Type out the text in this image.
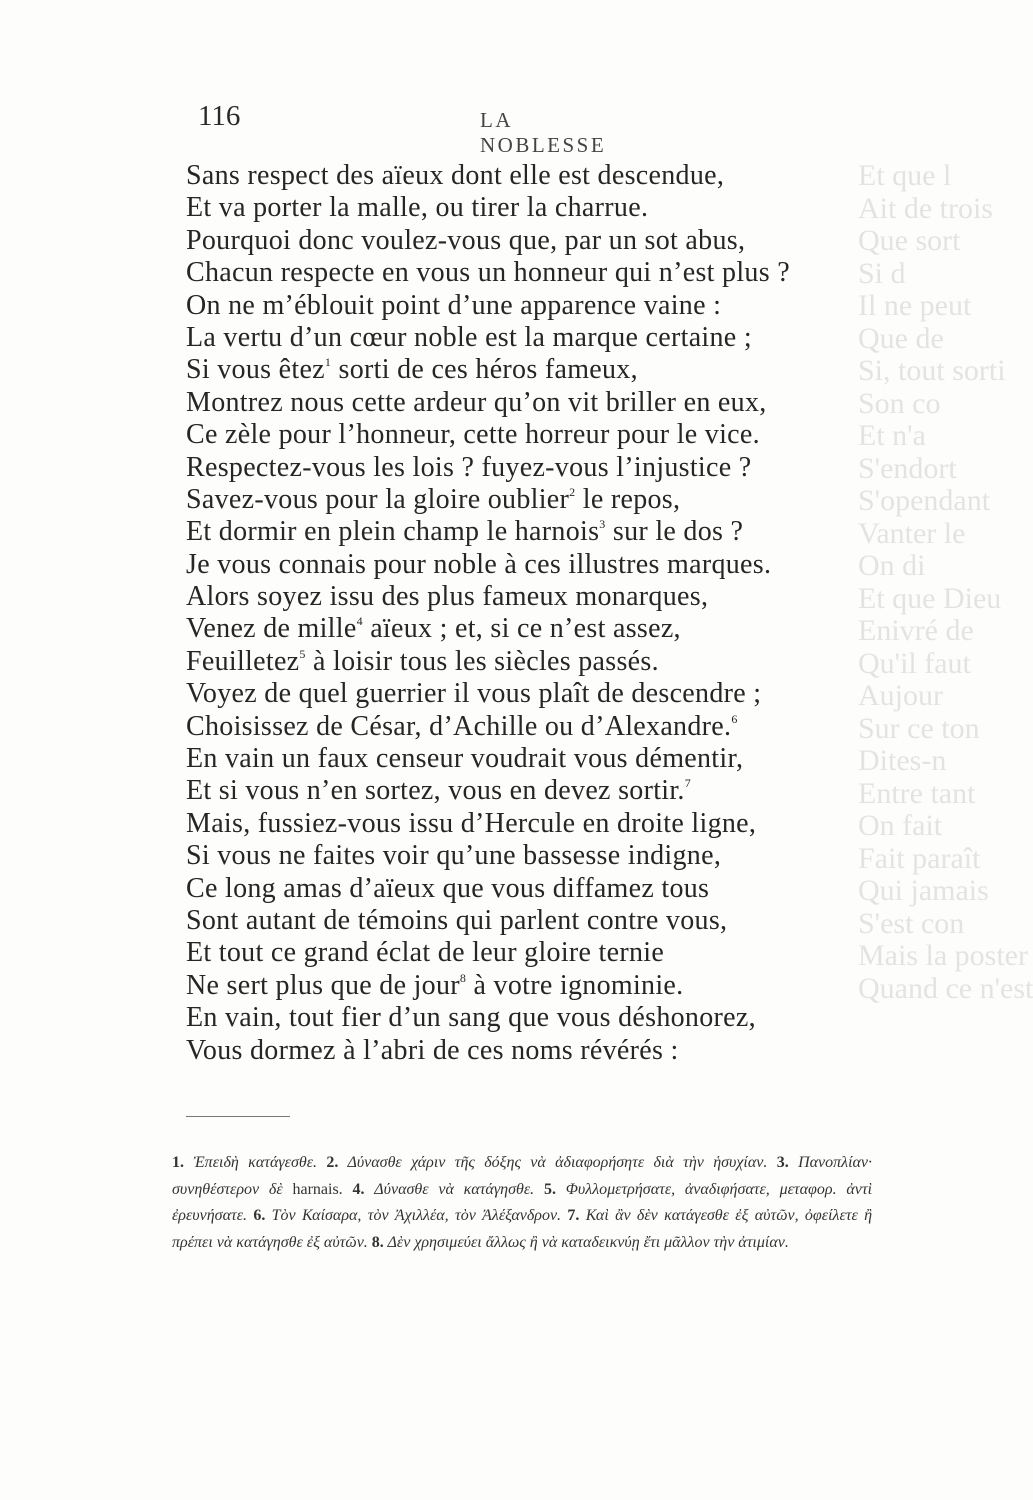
Et que l
Ait de trois
Que sort
Si d
Il ne peut
Que de
Si, tout sorti
Son co
Et n'a
S'endort
S'opendant
Vanter le
On di
Et que Dieu
Enivré de
Qu'il faut
Aujour
Sur ce ton
Dites-n
Entre tant
On fait
Fait paraît
Qui jamais
S'est con
Mais la poster
Quand ce n'est
116	LA NOBLESSE
Sans respect des aïeux dont elle est descendue,
Et va porter la malle, ou tirer la charrue.
Pourquoi donc voulez-vous que, par un sot abus,
Chacun respecte en vous un honneur qui n’est plus ?
On ne m’éblouit point d’une apparence vaine :
La vertu d’un cœur noble est la marque certaine ;
Si vous êtez$^1$ sorti de ces héros fameux,
Montrez nous cette ardeur qu’on vit briller en eux,
Ce zèle pour l’honneur, cette horreur pour le vice.
Respectez-vous les lois ? fuyez-vous l’injustice ?
Savez-vous pour la gloire oublier$^2$ le repos,
Et dormir en plein champ le harnois$^3$ sur le dos ?
Je vous connais pour noble à ces illustres marques.
Alors soyez issu des plus fameux monarques,
Venez de mille$^4$ aïeux ; et, si ce n’est assez,
Feuilletez$^5$ à loisir tous les siècles passés.
Voyez de quel guerrier il vous plaît de descendre ;
Choisissez de César, d’Achille ou d’Alexandre.$^6$
En vain un faux censeur voudrait vous démentir,
Et si vous n’en sortez, vous en devez sortir.$^7$
Mais, fussiez-vous issu d’Hercule en droite ligne,
Si vous ne faites voir qu’une bassesse indigne,
Ce long amas d’aïeux que vous diffamez tous
Sont autant de témoins qui parlent contre vous,
Et tout ce grand éclat de leur gloire ternie
Ne sert plus que de jour$^8$ à votre ignominie.
En vain, tout fier d’un sang que vous déshonorez,
Vous dormez à l’abri de ces noms révérés :
1. Ἐπειδὴ κατάγεσθε. 2. Δύνασθε χάριν τῆς δόξης νὰ ἀδιαφορήσητε διὰ τὴν ἡσυχίαν. 3. Πανοπλίαν· συνηθέστερον δὲ harnais. 4. Δύνασθε νὰ κατάγησθε. 5. Φυλλομετρήσατε, ἀναδιφήσατε, μεταφορ. ἀντὶ ἐρευνήσατε. 6. Τὸν Καίσαρα, τὸν Ἀχιλλέα, τὸν Ἀλέξανδρον. 7. Καὶ ἂν δὲν κατάγεσθε ἐξ αὐτῶν, ὀφείλετε ἢ πρέπει νὰ κατάγησθε ἐξ αὐτῶν. 8. Δὲν χρησιμεύει ἄλλως ἢ νὰ καταδεικνύῃ ἔτι μᾶλλον τὴν ἀτιμίαν.
